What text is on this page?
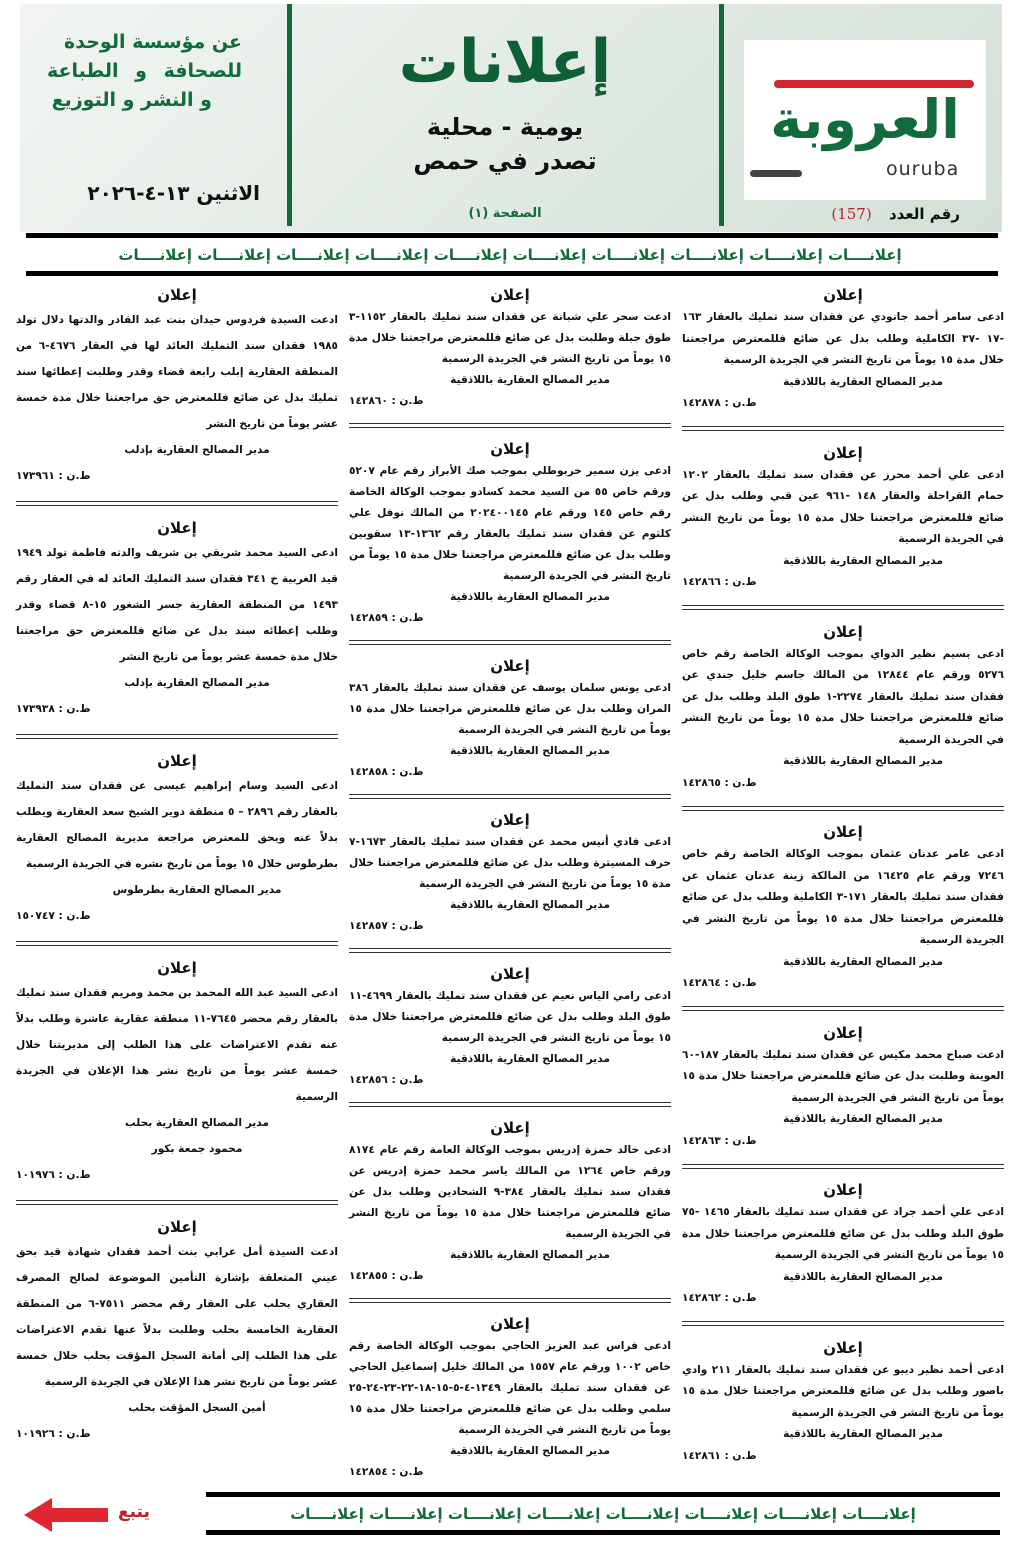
العروبة
ouruba
رقم العدد (157)
إعلانات
يومية - محلية
تصدر في حمص
الصفحة (١)
عن مؤسسة الوحدة
للصحافة و الطباعة
و النشر و التوزيع
الاثنين ١٣-٤-٢٠٢٦
إعلانــــات إعلانــــات إعلانــــات إعلانــــات إعلانــــات إعلانــــات إعلانــــات إعلانــــات إعلانــــات إعلانــــات
إعلان
ادعى سامر أحمد جانودي عن فقدان سند تمليك بالعقار ١٦٣ -١٧ -٣٧ الكاملية وطلب بدل عن ضائع فللمعترض مراجعتنا خلال مدة ١٥ يوماً من تاريخ النشر في الجريدة الرسمية
مدير المصالح العقارية باللاذقية
ط.ن : ١٤٢٨٧٨
إعلان
ادعى علي أحمد محرز عن فقدان سند تمليك بالعقار ١٢٠٢ حمام القراحلة والعقار ١٤٨ -٩٦١ عين قبي وطلب بدل عن ضائع فللمعترض مراجعتنا خلال مدة ١٥ يوماً من تاريخ النشر في الجريدة الرسمية
مدير المصالح العقارية باللاذقية
ط.ن : ١٤٢٨٦٦
إعلان
ادعى بسيم نظير الدواي بموجب الوكالة الخاصة رقم خاص ٥٢٧٦ ورقم عام ١٢٨٤٤ من المالك جاسم خليل جندي عن فقدان سند تمليك بالعقار ٢٢٧٤-١ طوق البلد وطلب بدل عن ضائع فللمعترض مراجعتنا خلال مدة ١٥ يوماً من تاريخ النشر في الجريدة الرسمية
مدير المصالح العقارية باللاذقية
ط.ن : ١٤٢٨٦٥
إعلان
ادعى عامر عدنان عثمان بموجب الوكالة الخاصة رقم خاص ٧٢٤٦ ورقم عام ١٦٤٢٥ من المالكة زينة عدنان عثمان عن فقدان سند تمليك بالعقار ١٧١-٣ الكاملية وطلب بدل عن ضائع فللمعترض مراجعتنا خلال مدة ١٥ يوماً من تاريخ النشر في الجريدة الرسمية
مدير المصالح العقارية باللاذقية
ط.ن : ١٤٢٨٦٤
إعلان
ادعت صباح محمد مكيس عن فقدان سند تمليك بالعقار ١٨٧-٦٠ العوينة وطلبت بدل عن ضائع فللمعترض مراجعتنا خلال مدة ١٥ يوماً من تاريخ النشر في الجريدة الرسمية
مدير المصالح العقارية باللاذقية
ط.ن : ١٤٢٨٦٣
إعلان
ادعى علي أحمد جراد عن فقدان سند تمليك بالعقار ١٤٦٥ -٧٥ طوق البلد وطلب بدل عن ضائع فللمعترض مراجعتنا خلال مدة ١٥ يوماً من تاريخ النشر في الجريدة الرسمية
مدير المصالح العقارية باللاذقية
ط.ن : ١٤٢٨٦٢
إعلان
ادعى أحمد نظير ديبو عن فقدان سند تمليك بالعقار ٢١١ وادي باصور وطلب بدل عن ضائع فللمعترض مراجعتنا خلال مدة ١٥ يوماً من تاريخ النشر في الجريدة الرسمية
مدير المصالح العقارية باللاذقية
ط.ن : ١٤٢٨٦١
إعلان
ادعت سحر علي شبانة عن فقدان سند تمليك بالعقار ١١٥٢-٣ طوق جبلة وطلبت بدل عن ضائع فللمعترض مراجعتنا خلال مدة ١٥ يوماً من تاريخ النشر في الجريدة الرسمية
مدير المصالح العقارية باللاذقية
ط.ن : ١٤٢٨٦٠
إعلان
ادعى يزن سمير خربوطلي بموجب صك الأبراز رقم عام ٥٢٠٧ ورقم خاص ٥٥ من السيد محمد كسادو بموجب الوكالة الخاصة رقم خاص ١٤٥ ورقم عام ٢٠٢٤٠٠١٤٥ من المالك نوفل علي كلثوم عن فقدان سند تمليك بالعقار رقم ١٣٦٢-١٣ سقوبين وطلب بدل عن ضائع فللمعترض مراجعتنا خلال مدة ١٥ يوماً من تاريخ النشر في الجريدة الرسمية
مدير المصالح العقارية باللاذقية
ط.ن : ١٤٢٨٥٩
إعلان
ادعى يونس سلمان يوسف عن فقدان سند تمليك بالعقار ٣٨٦ المران وطلب بدل عن ضائع فللمعترض مراجعتنا خلال مدة ١٥ يوماً من تاريخ النشر في الجريدة الرسمية
مدير المصالح العقارية باللاذقية
ط.ن : ١٤٢٨٥٨
إعلان
ادعى فادي أنيس محمد عن فقدان سند تمليك بالعقار ١٦٧٣-٧ حرف المسيترة وطلب بدل عن ضائع فللمعترض مراجعتنا خلال مدة ١٥ يوماً من تاريخ النشر في الجريدة الرسمية
مدير المصالح العقارية باللاذقية
ط.ن : ١٤٢٨٥٧
إعلان
ادعى رامي الياس نعيم عن فقدان سند تمليك بالعقار ٤٦٩٩-١١ طوق البلد وطلب بدل عن ضائع فللمعترض مراجعتنا خلال مدة ١٥ يوماً من تاريخ النشر في الجريدة الرسمية
مدير المصالح العقارية باللاذقية
ط.ن : ١٤٢٨٥٦
إعلان
ادعى خالد حمزة إدريس بموجب الوكالة العامة رقم عام ٨١٧٤ ورقم خاص ١٢٦٤ من المالك ياسر محمد حمزة إدريس عن فقدان سند تمليك بالعقار ٣٨٤-٩ الشحادين وطلب بدل عن ضائع فللمعترض مراجعتنا خلال مدة ١٥ يوماً من تاريخ النشر في الجريدة الرسمية
مدير المصالح العقارية باللاذقية
ط.ن : ١٤٢٨٥٥
إعلان
ادعى فراس عبد العزيز الحاجي بموجب الوكالة الخاصة رقم خاص ١٠٠٢ ورقم عام ١٥٥٧ من المالك خليل إسماعيل الحاجي عن فقدان سند تمليك بالعقار ١٣٤٩-٤-٥-١٥-١٨-٢٢-٢٣-٢٤-٢٥ سلمي وطلب بدل عن ضائع فللمعترض مراجعتنا خلال مدة ١٥ يوماً من تاريخ النشر في الجريدة الرسمية
مدير المصالح العقارية باللاذقية
ط.ن : ١٤٢٨٥٤
إعلان
ادعت السيدة فردوس حيدان بنت عبد القادر والدتها دلال تولد ١٩٨٥ فقدان سند التمليك العائد لها في العقار ٤٦٧٦-٦ من المنطقة العقارية إبلب رابعة قضاء وقدر وطلبت إعطائها سند تمليك بدل عن ضائع فللمعترض حق مراجعتنا خلال مدة خمسة عشر يوماً من تاريخ النشر
مدير المصالح العقارية بإدلب
ط.ن : ١٧٣٩٦١
إعلان
ادعى السيد محمد شريقي بن شريف والدته فاطمة تولد ١٩٤٩ قيد الغربية خ ٣٤١ فقدان سند التمليك العائد له في العقار رقم ١٤٩٣ من المنطقة العقارية جسر الشغور ١٥-٨ قضاء وقدر وطلب إعطائه سند بدل عن ضائع فللمعترض حق مراجعتنا خلال مدة خمسة عشر يوماً من تاريخ النشر
مدير المصالح العقارية بإدلب
ط.ن : ١٧٣٩٣٨
إعلان
ادعى السيد وسام إبراهيم عيسى عن فقدان سند التمليك بالعقار رقم ٢٨٩٦ – ٥ منطقة دوير الشيخ سعد العقارية ويطلب بدلاً عنه ويحق للمعترض مراجعة مديرية المصالح العقارية بطرطوس خلال ١٥ يوماً من تاريخ نشره في الجريدة الرسمية
مدير المصالح العقارية بطرطوس
ط.ن : ١٥٠٧٤٧
إعلان
ادعى السيد عبد الله المحمد بن محمد ومريم فقدان سند تمليك بالعقار رقم محضر ٧٦٤٥-١١ منطقة عقارية عاشرة وطلب بدلاً عنه تقدم الاعتراضات على هذا الطلب إلى مديريتنا خلال خمسة عشر يوماً من تاريخ نشر هذا الإعلان في الجريدة الرسمية
مدير المصالح العقارية بحلب
محمود جمعة بكور
ط.ن : ١٠١٩٧٦
إعلان
ادعت السيدة أمل عرابي بنت أحمد فقدان شهادة قيد بحق عيني المتعلقة بإشارة التأمين الموضوعة لصالح المصرف العقاري بحلب على العقار رقم محضر ٧٥١١-٦ من المنطقة العقارية الخامسة بحلب وطلبت بدلاً عنها تقدم الاعتراضات على هذا الطلب إلى أمانة السجل المؤقت بحلب خلال خمسة عشر يوماً من تاريخ نشر هذا الإعلان في الجريدة الرسمية
أمين السجل المؤقت بحلب
ط.ن : ١٠١٩٢٦
إعلانــــات إعلانــــات إعلانــــات إعلانــــات إعلانــــات إعلانــــات إعلانــــات إعلانــــات
يتبع
